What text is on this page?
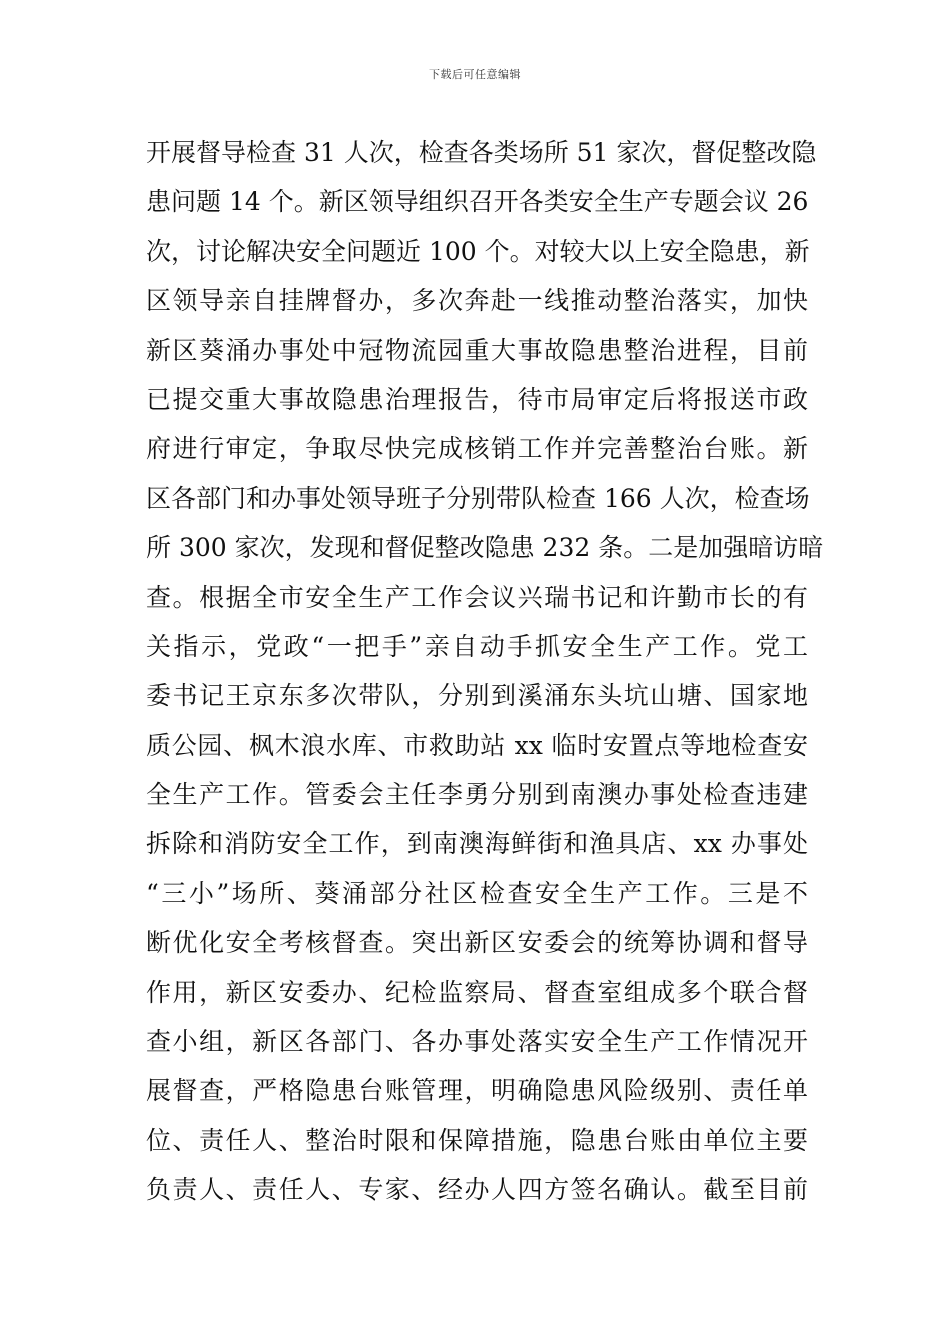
下载后可任意编辑
开展督导检查 31 人次，检查各类场所 51 家次，督促整改隐
患问题 14 个。新区领导组织召开各类安全生产专题会议 26
次，讨论解决安全问题近 100 个。对较大以上安全隐患，新
区领导亲自挂牌督办，多次奔赴一线推动整治落实，加快
新区葵涌办事处中冠物流园重大事故隐患整治进程，目前
已提交重大事故隐患治理报告，待市局审定后将报送市政
府进行审定，争取尽快完成核销工作并完善整治台账。新
区各部门和办事处领导班子分别带队检查 166 人次，检查场
所 300 家次，发现和督促整改隐患 232 条。二是加强暗访暗
查。根据全市安全生产工作会议兴瑞书记和许勤市长的有
关指示，党政“一把手”亲自动手抓安全生产工作。党工
委书记王京东多次带队，分别到溪涌东头坑山塘、国家地
质公园、枫木浪水库、市救助站 xx 临时安置点等地检查安
全生产工作。管委会主任李勇分别到南澳办事处检查违建
拆除和消防安全工作，到南澳海鲜街和渔具店、xx 办事处
“三小”场所、葵涌部分社区检查安全生产工作。三是不
断优化安全考核督查。突出新区安委会的统筹协调和督导
作用，新区安委办、纪检监察局、督查室组成多个联合督
查小组，新区各部门、各办事处落实安全生产工作情况开
展督查，严格隐患台账管理，明确隐患风险级别、责任单
位、责任人、整治时限和保障措施，隐患台账由单位主要
负责人、责任人、专家、经办人四方签名确认。截至目前
